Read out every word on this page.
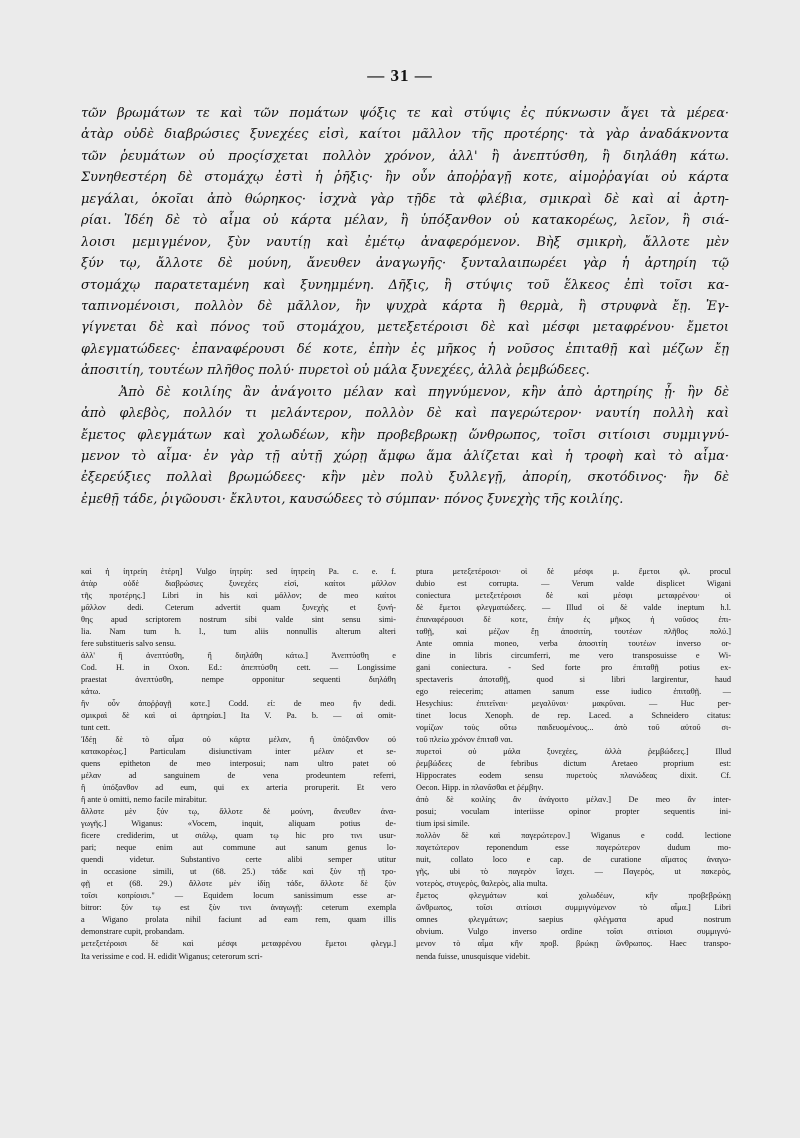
— 31 —
τῶν βρωμάτων τε καὶ τῶν πομάτων ψόξις τε καὶ στύψις ἐς πύκνωσιν ἄγει τὰ μέρεα·
ἀτὰρ οὐδὲ διαβρώσιες ξυνεχέες εἰσὶ, καίτοι μᾶλλον τῆς προτέρης· τὰ γὰρ ἀναδάκνοντα
τῶν ῥευμάτων οὐ προςίσχεται πολλὸν χρόνον, ἀλλ' ἢ ἀνεπτύσθη, ἢ διηλάθη κάτω.
Συνηθεστέρη δὲ στομάχῳ ἐστὶ ἡ ῥῆξις· ἢν οὖν ἀποῤῥαγῇ κοτε, αἱμοῤῥαγίαι οὐ κάρτα
μεγάλαι, ὁκοῖαι ἀπὸ θώρηκος· ἰσχνὰ γὰρ τῇδε τὰ φλέβια, σμικραὶ δὲ καὶ αἱ ἀρτη-
ρίαι. Ἰδέη δὲ τὸ αἷμα οὐ κάρτα μέλαν, ἢ ὑπόξανθον οὐ κατακορέως, λεῖον, ἢ σιά-
λοισι μεμιγμένον, ξὺν ναυτίῃ καὶ ἐμέτῳ ἀναφερόμενον. Βὴξ σμικρὴ, ἄλλοτε μὲν
ξύν τῳ, ἄλλοτε δὲ μούνη, ἄνευθεν ἀναγωγῆς· ξυνταλαιπωρέει γὰρ ἡ ἀρτηρίη τῷ
στομάχῳ παρατεταμένη καὶ ξυνημμένη. Δῆξις, ἢ στύψις τοῦ ἕλκεος ἐπὶ τοῖσι κα-
ταπινομένοισι, πολλὸν δὲ μᾶλλον, ἢν ψυχρὰ κάρτα ἢ θερμὰ, ἢ στρυφνὰ ἔῃ. Ἐγ-
γίγνεται δὲ καὶ πόνος τοῦ στομάχου, μετεξετέροισι δὲ καὶ μέσφι μεταφρένου· ἔμετοι
φλεγματώδεες· ἐπαναφέρουσι δέ κοτε, ἐπὴν ἐς μῆκος ἡ νοῦσος ἐπιταθῇ καὶ μέζων ἔῃ
ἀποσιτίη, τουτέων πλῆθος πολύ· πυρετοὶ οὐ μάλα ξυνεχέες, ἀλλὰ ῥεμβώδεες.
Ἀπὸ δὲ κοιλίης ἂν ἀνάγοιτο μέλαν καὶ πηγνύμενον, κἢν ἀπὸ ἀρτηρίης ᾖ· ἢν δὲ
ἀπὸ φλεβὸς, πολλόν τι μελάντερον, πολλὸν δὲ καὶ παγερώτερον· ναυτίη πολλὴ καὶ
ἔμετος φλεγμάτων καὶ χολωδέων, κἢν προβεβρωκῃ ὥνθρωπος, τοῖσι σιτίοισι συμμιγνύ-
μενον τὸ αἷμα· ἐν γὰρ τῇ αὐτῇ χώρῃ ἄμφω ἅμα ἁλίζεται καὶ ἡ τροφὴ καὶ τὸ αἷμα·
ἐξερεύξιες πολλαὶ βρωμώδεες· κἢν μὲν πολὺ ξυλλεγῇ, ἀπορίη, σκοτόδινος· ἢν δὲ
ἐμεθῇ τάδε, ῥιγῶουσι· ἔκλυτοι, καυσώδεες τὸ σύμπαν· πόνος ξυνεχὴς τῆς κοιλίης.
καὶ ἡ ἰητρείη ἑτέρη] Vulgo ἰητρίη: sed ἰητρείη Pa. c. e. f.
ἀτὰρ οὐδὲ διαβρώσιες ξυνεχέες εἰσὶ, καίτοι μᾶλλον
τῆς προτέρης.] Libri in his καὶ μᾶλλον; de meo καίτοι
μᾶλλον dedi. Ceterum advertit quam ξυνεχὴς et ξυνή-
θης apud scriptorem nostrum sibi valde sint sensu simi-
lia. Nam tum h. l., tum aliis nonnullis alterum alteri
fere substitueris salvo sensu.
ἀλλ' ἢ ἀνεπτύσθη, ἢ διηλάθη κάτω.] Ἀνεπτύσθη e
Cod. H. in Oxon. Ed.: ἀπεπτύσθη cett. — Longissime
praestat ἀνεπτύσθη, nempe opponitur sequenti διηλάθη
κάτω.
ἢν οὖν ἀποῤῥαγῇ κοτε.] Codd. εἰ: de meo ἢν dedi.
σμικραὶ δὲ καὶ αἱ ἀρτηρίαι.] Ita V. Pa. b. — αἱ omit-
tunt cett.
Ἰδέῃ δὲ τὸ αἷμα οὐ κάρτα μέλαν, ἢ ὑπόξανθον οὐ
κατακορέως.] Particulam disiunctivam inter μέλαν et se-
quens epitheton de meo interposui; nam ultro patet οὐ
μέλαν ad sanguinem de vena prodeuntem referri,
ἢ ὑπόξανθον ad eum, qui ex arteria proruperit. Et vero
ἢ ante ὑ omitti, nemo facile mirabitur.
ἄλλοτε μὲν ξύν τῳ, ἄλλοτε δὲ μούνη, ἄνευθεν ἀνα-
γωγῆς.] Wiganus: «Vocem, inquit, aliquam potius de-
ficere crediderim, ut σιάλῳ, quam τῳ hic pro τινι usur-
pari; neque enim aut commune aut sanum genus lo-
quendi videtur. Substantivo certe alibi semper utitur
in occasione simili, ut (68. 25.) τάδε καὶ ξὺν τῇ τρο-
φῇ et (68. 29.) ἄλλοτε μὲν ἰδίῃ τάδε, ἄλλοτε δὲ ξὺν
τοῖσι κοπρίοισι." — Equidem locum sanissimum esse ar-
bitror: ξύν τῳ est ξὺν τινι ἀναγωγῇ: ceterum exempla
a Wigano prolata nihil faciunt ad eam rem, quam illis
demonstrare cupit, probandam.
μετεξετέροισι δὲ καὶ μέσφι μεταφρένου ἔμετοι φλεγμ.]
Ita verissime e cod. H. edidit Wiganus; ceterorum scri-
ptura μετεξετέροισι· οἱ δὲ μέσφι μ. ἔμετοι φλ. procul
dubio est corrupta. — Verum valde displicet Wigani
coniectura μετεξετέροισι δὲ καὶ μέσφι μεταφρένου· οἱ
δὲ ἔμετοι φλεγματώδεες. — Illud οἱ δὲ valde ineptum h.l.
ἐπαναφέρουσι δὲ κοτε, ἐπὴν ἐς μῆκος ἡ νοῦσος ἐπι-
ταθῇ, καὶ μέζων ἔῃ ἀποσιτίη, τουτέων πλῆθος πολύ.]
Ante omnia moneo, verba ἀποσιτίη τουτέων inverso or-
dine in libris circumferri, me vero transposuisse e Wi-
gani coniectura. - Sed forte pro ἐπιταθῇ potius ex-
spectaveris ἀποταθῇ, quod si libri largirentur, haud
ego reiecerim; attamen sanum esse iudico ἐπιταθῇ. —
Hesychius: ἐπιτεῖναι· μεγαλῦναι· μακρῦναι. — Huc per-
tinet locus Xenoph. de rep. Laced. a Schneidero citatus:
νομίζων τοὺς οὕτω παιδευομένους... ἀπὸ τοῦ αὐτοῦ σι-
τοῦ πλείω χρόνον ἐπιταθ ναι.
πυρετοὶ οὐ μάλα ξυνεχέες, ἀλλὰ ῥεμβώδεες.] Illud
ῥεμβώδεες de febribus dictum Aretaeo proprium est:
Hippocrates eodem sensu πυρετοὺς πλανώδεας dixit. Cf.
Oecon. Hipp. in πλανᾶσθαι et ῥέμβην.
ἀπὸ δὲ κοιλίης ἂν ἀνάγοιτο μέλαν.] De meo ἂν inter-
posui; voculam interiisse opinor propter sequentis ini-
tium ipsi simile.
πολλὸν δὲ καὶ παγερώτερον.] Wiganus e codd. lectione
παγετώτερον reponendum esse παγερώτερον dudum mo-
nuit, collato loco e cap. de curatione αἵματος ἀναγω-
γῆς, ubi τὸ παγερὸν ἴσχει. — Παγερὸς, ut πακερὸς,
νοτερὸς, στυγερὸς, θαλερὸς, alia multa.
ἔμετος φλεγμάτων καὶ χολωδέων, κἢν προβεβρώκῃ
ὥνθρωπος, τοῖσι σιτίοισι συμμιγνύμενον τὸ αἷμα.] Libri
omnes φλεγμάτων; saepius φλέγματα apud nostrum
obvium. Vulgo inverso ordine τοῖσι σιτίοισι συμμιγνύ-
μενον τὸ αἷμα κἢν προβ. βρώκῃ ὥνθρωπος. Haec transpo-
nenda fuisse, unusquisque videbit.
